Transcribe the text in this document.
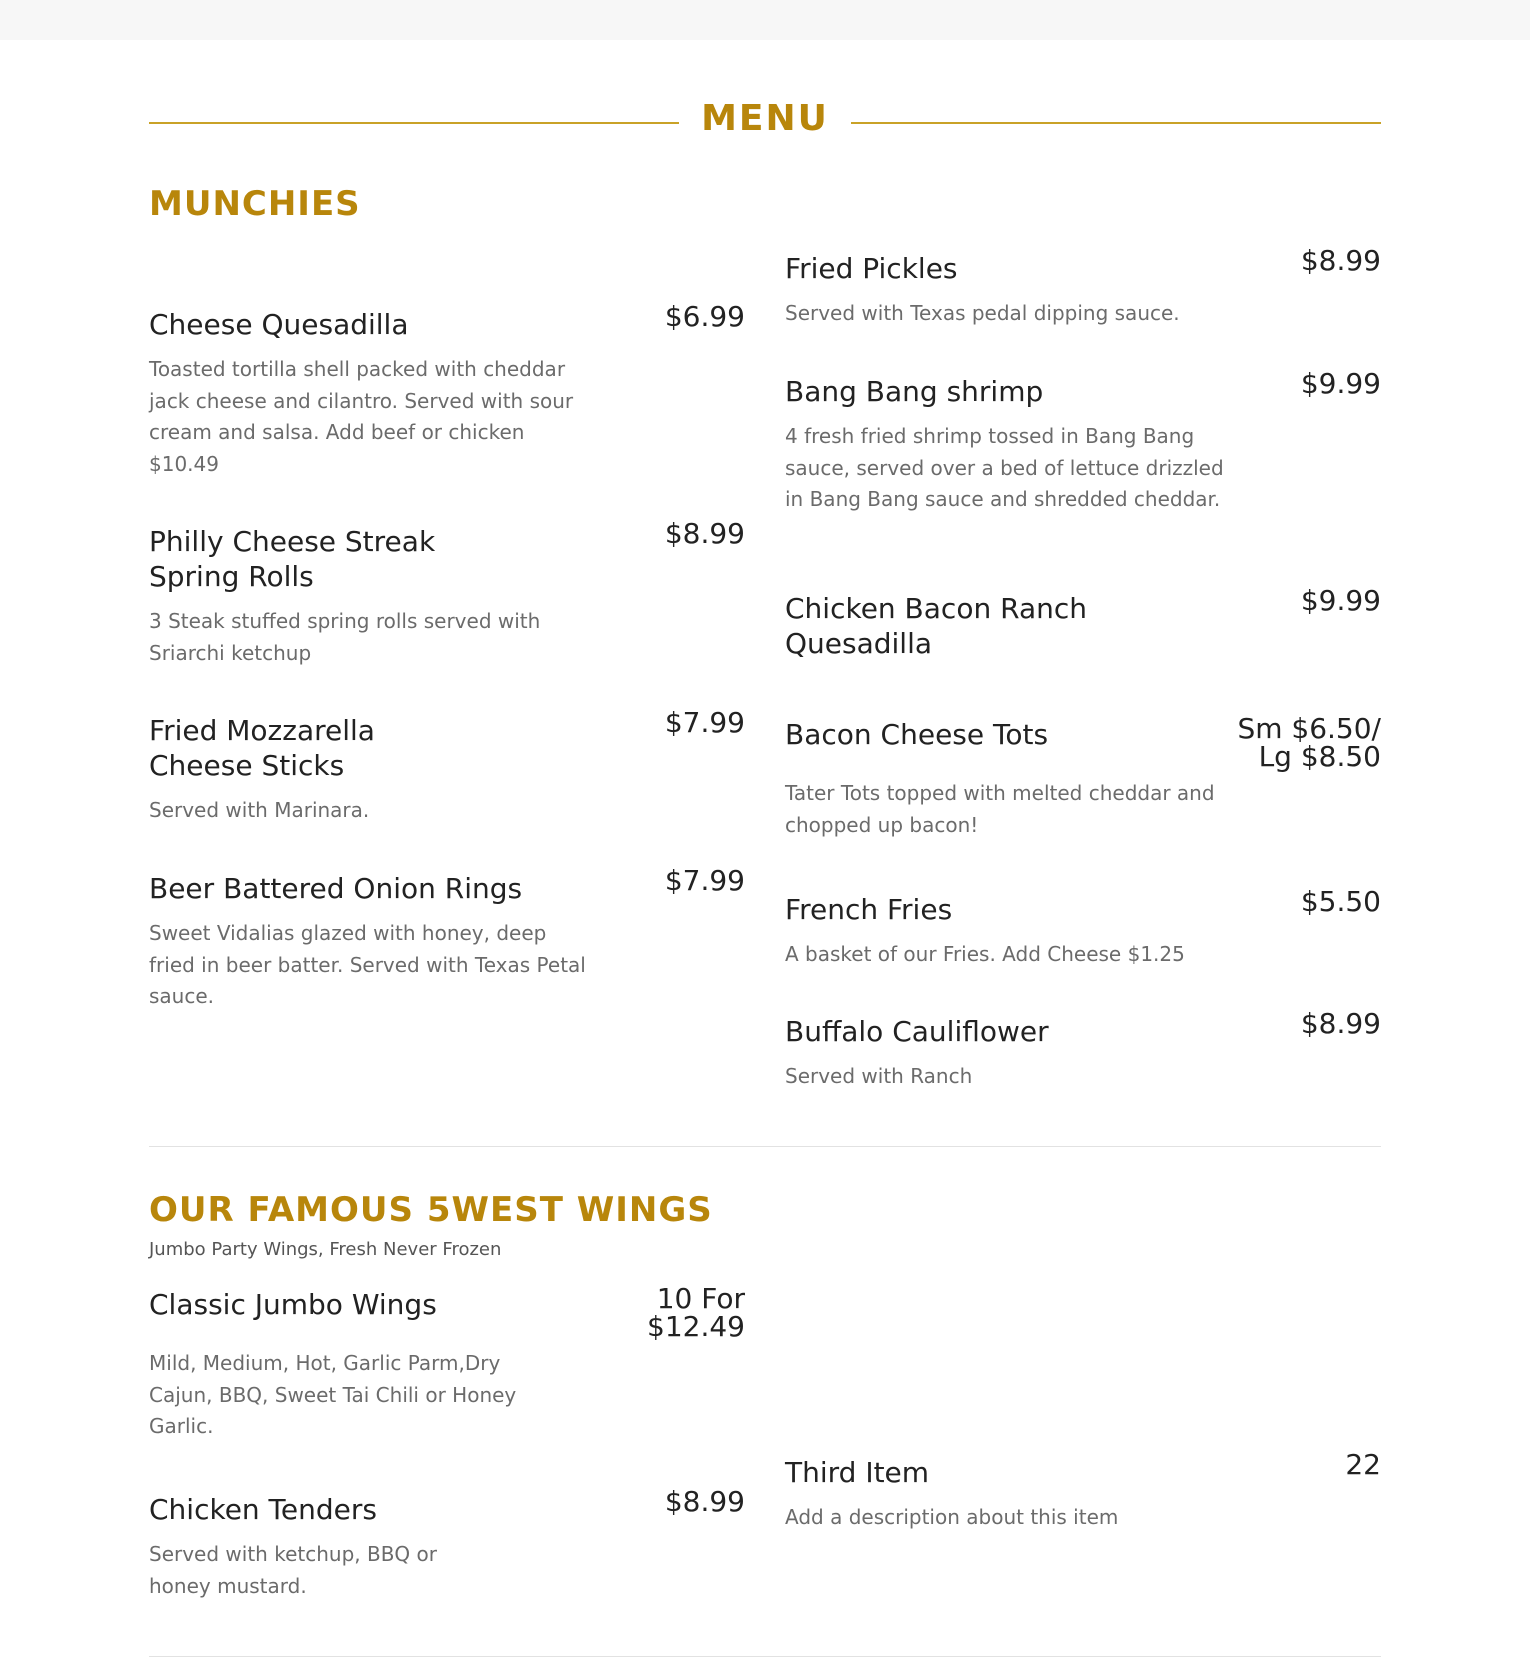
MENU
MUNCHIES
Cheese Quesadilla	$6.99
Toasted tortilla shell packed with cheddar jack cheese and cilantro. Served with sour cream and salsa. Add beef or chicken $10.49
Philly Cheese Streak Spring Rolls
$8.99
3 Steak stuffed spring rolls served with Sriarchi ketchup
Fried Mozzarella Cheese Sticks
$7.99
Served with Marinara.
Beer Battered Onion Rings	$7.99
Sweet Vidalias glazed with honey, deep fried in beer batter. Served with Texas Petal sauce.
Fried Pickles	$8.99
Served with Texas pedal dipping sauce.
Bang Bang shrimp	$9.99
4 fresh fried shrimp tossed in Bang Bang sauce, served over a bed of lettuce drizzled in Bang Bang sauce and shredded cheddar.
Chicken Bacon Ranch Quesadilla
$9.99
Bacon Cheese Tots	Sm $6.50/
Lg $8.50
Tater Tots topped with melted cheddar and chopped up bacon!
French Fries	$5.50
A basket of our Fries. Add Cheese $1.25
Buffalo Cauliflower	$8.99
Served with Ranch
OUR FAMOUS 5WEST WINGS
Jumbo Party Wings, Fresh Never Frozen
Classic Jumbo Wings	10 For
$12.49
Mild, Medium, Hot, Garlic Parm,Dry Cajun, BBQ, Sweet Tai Chili or Honey Garlic.
Chicken Tenders	$8.99
Served with ketchup, BBQ or honey mustard.
Third Item	22
Add a description about this item
